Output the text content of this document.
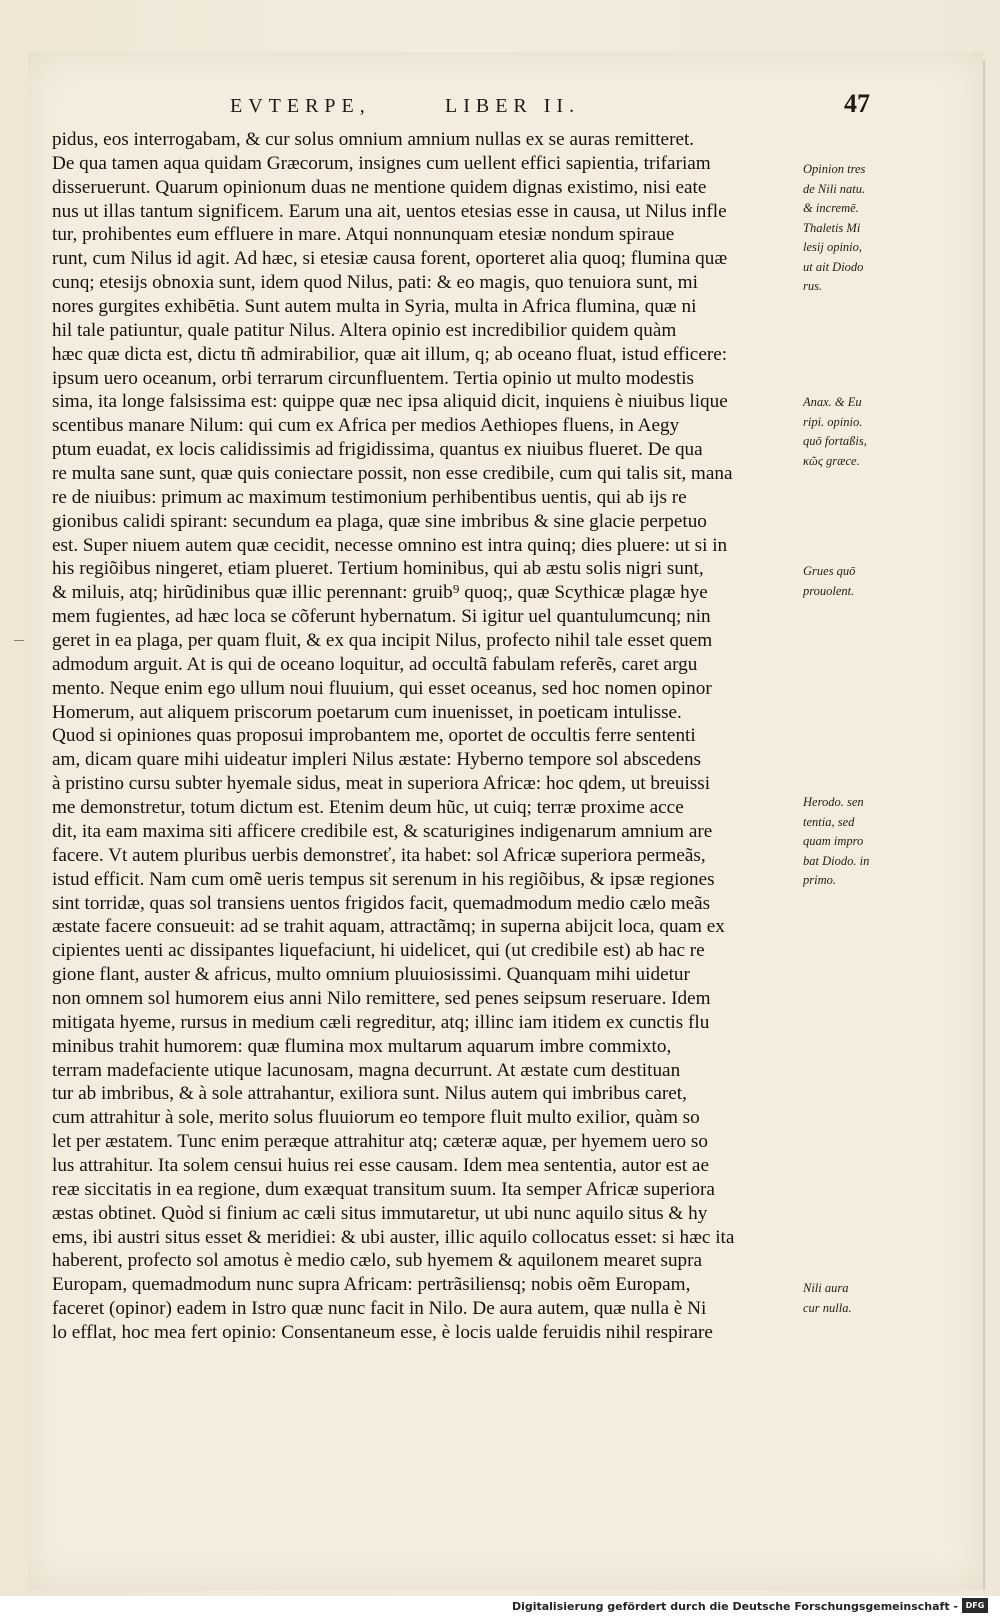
EVTERPE,	LIBER II.	47
pidus, eos interrogabam, & cur solus omnium amnium nullas ex se auras remitteret.
De qua tamen aqua quidam Græcorum, insignes cum uellent effici sapientia, trifariam
disseruerunt. Quarum opinionum duas ne mentione quidem dignas existimo, nisi eate
nus ut illas tantum significem. Earum una ait, uentos etesias esse in causa, ut Nilus infle
tur, prohibentes eum effluere in mare. Atqui nonnunquam etesiæ nondum spiraue
runt, cum Nilus id agit. Ad hæc, si etesiæ causa forent, oporteret alia quoq; flumina quæ
cunq; etesijs obnoxia sunt, idem quod Nilus, pati: & eo magis, quo tenuiora sunt, mi
nores gurgites exhibētia. Sunt autem multa in Syria, multa in Africa flumina, quæ ni
hil tale patiuntur, quale patitur Nilus. Altera opinio est incredibilior quidem quàm
hæc quæ dicta est, dictu tñ admirabilior, quæ ait illum, q; ab oceano fluat, istud efficere:
ipsum uero oceanum, orbi terrarum circunfluentem. Tertia opinio ut multo modestis
sima, ita longe falsissima est: quippe quæ nec ipsa aliquid dicit, inquiens è niuibus lique
scentibus manare Nilum: qui cum ex Africa per medios Aethiopes fluens, in Aegy
ptum euadat, ex locis calidissimis ad frigidissima, quantus ex niuibus flueret. De qua
re multa sane sunt, quæ quis coniectare possit, non esse credibile, cum qui talis sit, mana
re de niuibus: primum ac maximum testimonium perhibentibus uentis, qui ab ijs re
gionibus calidi spirant: secundum ea plaga, quæ sine imbribus & sine glacie perpetuo
est. Super niuem autem quæ cecidit, necesse omnino est intra quinq; dies pluere: ut si in
his regiõibus ningeret, etiam plueret. Tertium hominibus, qui ab æstu solis nigri sunt,
& miluis, atq; hirũdinibus quæ illic perennant: gruib⁹ quoq;, quæ Scythicæ plagæ hye
mem fugientes, ad hæc loca se cõferunt hybernatum. Si igitur uel quantulumcunq; nin
geret in ea plaga, per quam fluit, & ex qua incipit Nilus, profecto nihil tale esset quem
admodum arguit. At is qui de oceano loquitur, ad occultã fabulam referẽs, caret argu
mento. Neque enim ego ullum noui fluuium, qui esset oceanus, sed hoc nomen opinor
Homerum, aut aliquem priscorum poetarum cum inuenisset, in poeticam intulisse.
Quod si opiniones quas proposui improbantem me, oportet de occultis ferre sententi
am, dicam quare mihi uideatur impleri Nilus æstate: Hyberno tempore sol abscedens
à pristino cursu subter hyemale sidus, meat in superiora Africæ: hoc qdem, ut breuissi
me demonstretur, totum dictum est. Etenim deum hũc, ut cuiq; terræ proxime acce
dit, ita eam maxima siti afficere credibile est, & scaturigines indigenarum amnium are
facere. Vt autem pluribus uerbis demonstreť, ita habet: sol Africæ superiora permeãs,
istud efficit. Nam cum omẽ ueris tempus sit serenum in his regiõibus, & ipsæ regiones
sint torridæ, quas sol transiens uentos frigidos facit, quemadmodum medio cælo meãs
æstate facere consueuit: ad se trahit aquam, attractãmq; in superna abijcit loca, quam ex
cipientes uenti ac dissipantes liquefaciunt, hi uidelicet, qui (ut credibile est) ab hac re
gione flant, auster & africus, multo omnium pluuiosissimi. Quanquam mihi uidetur
non omnem sol humorem eius anni Nilo remittere, sed penes seipsum reseruare. Idem
mitigata hyeme, rursus in medium cæli regreditur, atq; illinc iam itidem ex cunctis flu
minibus trahit humorem: quæ flumina mox multarum aquarum imbre commixto,
terram madefaciente utique lacunosam, magna decurrunt. At æstate cum destituan
tur ab imbribus, & à sole attrahantur, exiliora sunt. Nilus autem qui imbribus caret,
cum attrahitur à sole, merito solus fluuiorum eo tempore fluit multo exilior, quàm so
let per æstatem. Tunc enim peræque attrahitur atq; cæteræ aquæ, per hyemem uero so
lus attrahitur. Ita solem censui huius rei esse causam. Idem mea sententia, autor est ae
reæ siccitatis in ea regione, dum exæquat transitum suum. Ita semper Africæ superiora
æstas obtinet. Quòd si finium ac cæli situs immutaretur, ut ubi nunc aquilo situs & hy
ems, ibi austri situs esset & meridiei: & ubi auster, illic aquilo collocatus esset: si hæc ita
haberent, profecto sol amotus è medio cælo, sub hyemem & aquilonem mearet supra
Europam, quemadmodum nunc supra Africam: pertrãsiliensq; nobis oẽm Europam,
faceret (opinor) eadem in Istro quæ nunc facit in Nilo. De aura autem, quæ nulla è Ni
lo efflat, hoc mea fert opinio: Consentaneum esse, è locis ualde feruidis nihil respirare
Opinion tres
de Nili natu.
& incremē.
Thaletis Mi
lesij opinio,
ut ait Diodo
rus.
Anax. & Eu
ripi. opinio.
quō fortaßis,
κῶς græce.
Grues quō
prouolent.
Herodo. sen
tentia, sed
quam impro
bat Diodo. in
primo.
Nili aura
cur nulla.
Digitalisierung gefördert durch die Deutsche Forschungsgemeinschaft - DFG
